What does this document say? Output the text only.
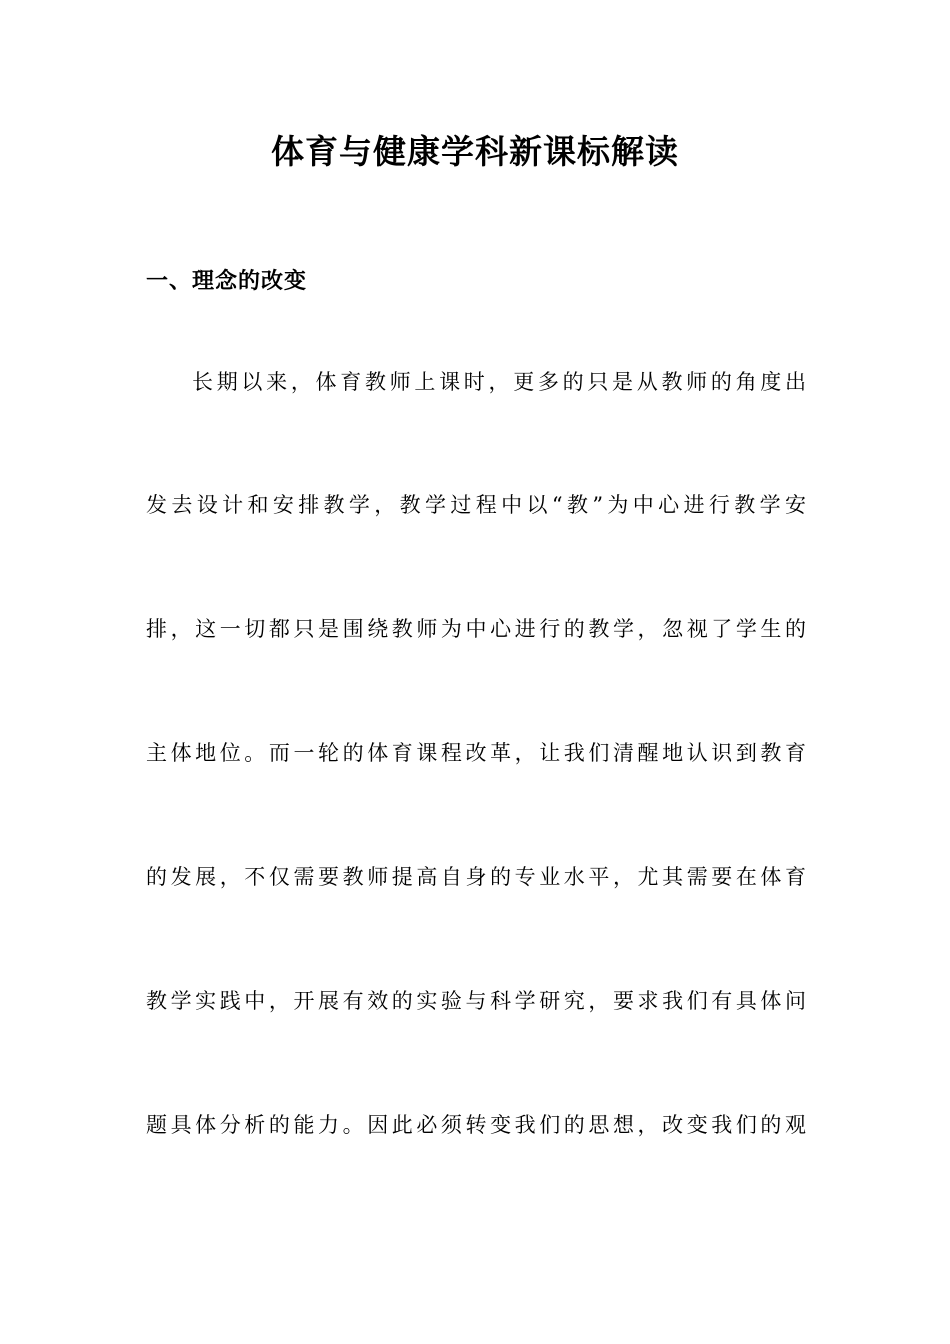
体育与健康学科新课标解读
一、理念的改变
长期以来，体育教师上课时，更多的只是从教师的角度出
发去设计和安排教学，教学过程中以“教”为中心进行教学安
排，这一切都只是围绕教师为中心进行的教学，忽视了学生的
主体地位。而一轮的体育课程改革，让我们清醒地认识到教育
的发展，不仅需要教师提高自身的专业水平，尤其需要在体育
教学实践中，开展有效的实验与科学研究，要求我们有具体问
题具体分析的能力。因此必须转变我们的思想，改变我们的观
